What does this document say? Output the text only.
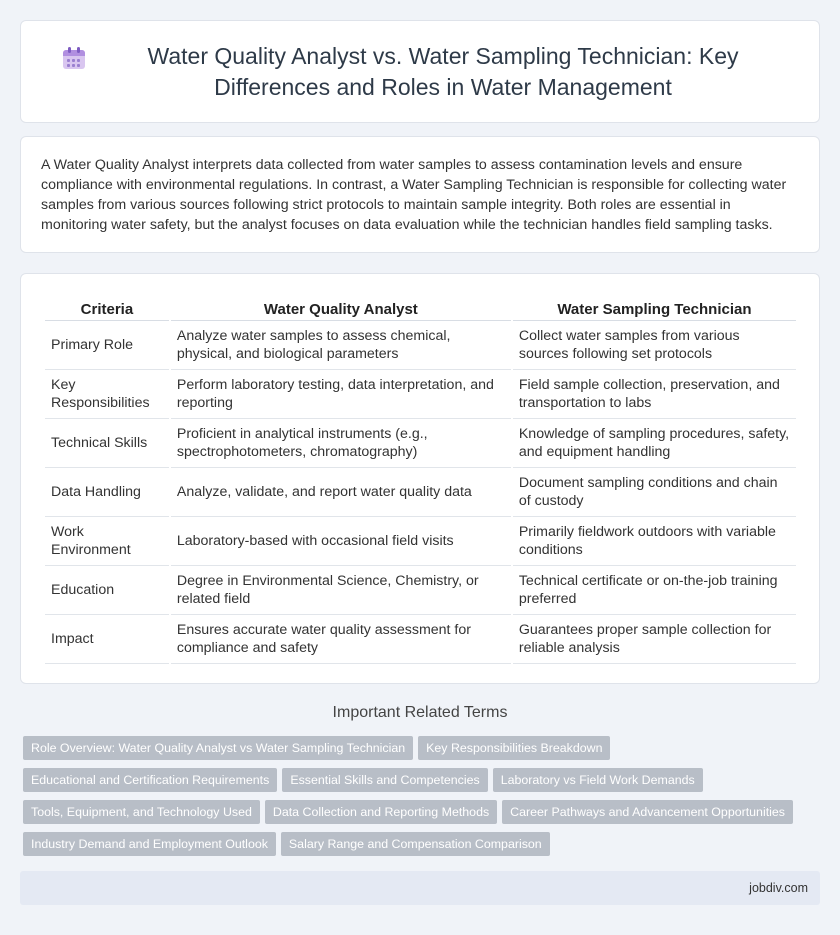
Water Quality Analyst vs. Water Sampling Technician: Key Differences and Roles in Water Management

A Water Quality Analyst interprets data collected from water samples to assess contamination levels and ensure compliance with environmental regulations. In contrast, a Water Sampling Technician is responsible for collecting water samples from various sources following strict protocols to maintain sample integrity. Both roles are essential in monitoring water safety, but the analyst focuses on data evaluation while the technician handles field sampling tasks.

Criteria	Water Quality Analyst	Water Sampling Technician
Primary Role	Analyze water samples to assess chemical, physical, and biological parameters	Collect water samples from various sources following set protocols
Key Responsibilities	Perform laboratory testing, data interpretation, and reporting	Field sample collection, preservation, and transportation to labs
Technical Skills	Proficient in analytical instruments (e.g., spectrophotometers, chromatography)	Knowledge of sampling procedures, safety, and equipment handling
Data Handling	Analyze, validate, and report water quality data	Document sampling conditions and chain of custody
Work Environment	Laboratory-based with occasional field visits	Primarily fieldwork outdoors with variable conditions
Education	Degree in Environmental Science, Chemistry, or related field	Technical certificate or on-the-job training preferred
Impact	Ensures accurate water quality assessment for compliance and safety	Guarantees proper sample collection for reliable analysis
Important Related Terms
Role Overview: Water Quality Analyst vs Water Sampling Technician Key Responsibilities Breakdown
Educational and Certification Requirements Essential Skills and Competencies Laboratory vs Field Work Demands
Tools, Equipment, and Technology Used Data Collection and Reporting Methods Career Pathways and Advancement Opportunities
Industry Demand and Employment Outlook Salary Range and Compensation Comparison
jobdiv.com
